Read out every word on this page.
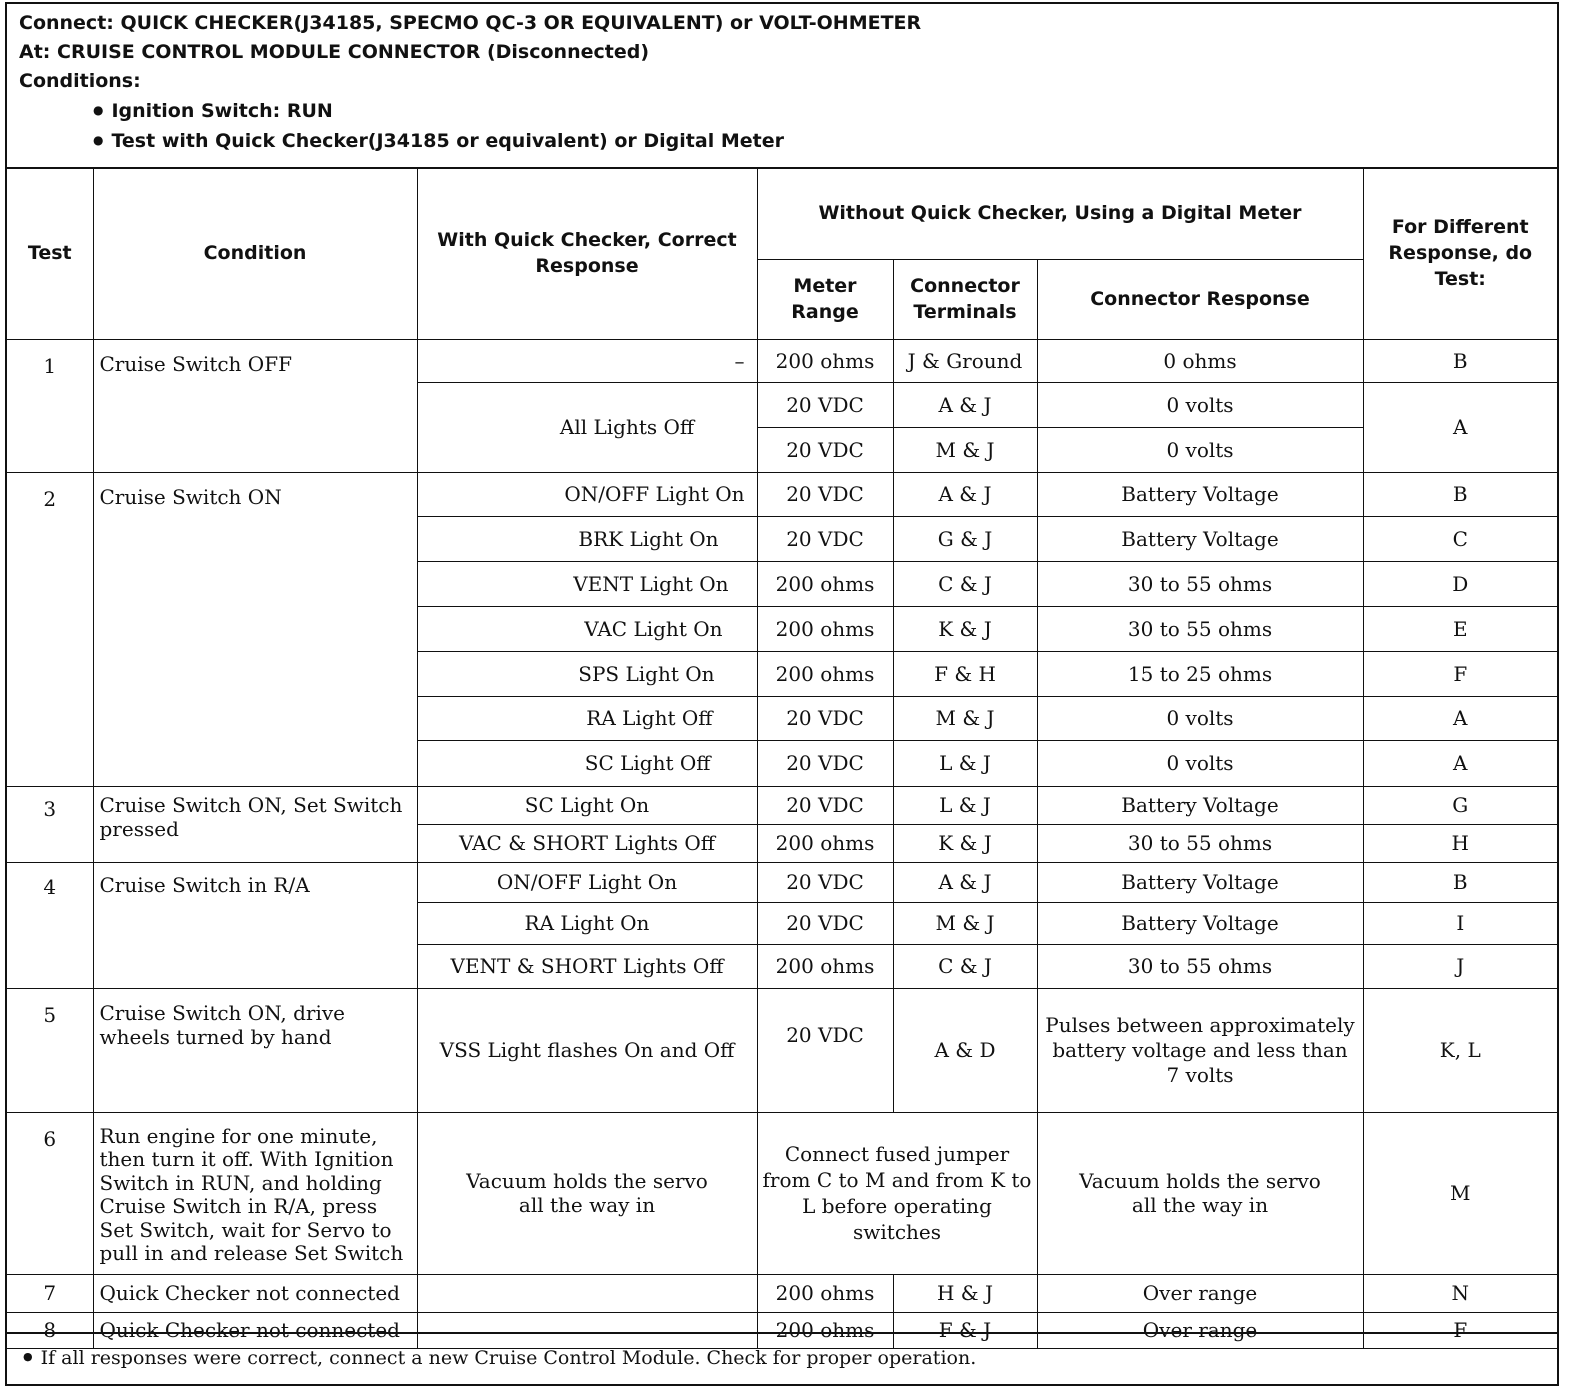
Connect: QUICK CHECKER(J34185, SPECMO QC-3 OR EQUIVALENT) or VOLT-OHMETER
At: CRUISE CONTROL MODULE CONNECTOR (Disconnected)
Conditions:
● Ignition Switch: RUN
● Test with Quick Checker(J34185 or equivalent) or Digital Meter
Test	Condition	With Quick Checker, Correct Response	Without Quick Checker, Using a Digital Meter			For Different Response, do Test:
			Meter Range	Connector Terminals	Connector Response	
1	Cruise Switch OFF	–	200 ohms	J & Ground	0 ohms	B
		All Lights Off	20 VDC	A & J	0 volts	A
			20 VDC	M & J	0 volts	
2	Cruise Switch ON	ON/OFF Light On	20 VDC	A & J	Battery Voltage	B
		BRK Light On	20 VDC	G & J	Battery Voltage	C
		VENT Light On	200 ohms	C & J	30 to 55 ohms	D
		VAC Light On	200 ohms	K & J	30 to 55 ohms	E
		SPS Light On	200 ohms	F & H	15 to 25 ohms	F
		RA Light Off	20 VDC	M & J	0 volts	A
		SC Light Off	20 VDC	L & J	0 volts	A
3	Cruise Switch ON, Set Switch pressed	SC Light On	20 VDC	L & J	Battery Voltage	G
		VAC & SHORT Lights Off	200 ohms	K & J	30 to 55 ohms	H
4	Cruise Switch in R/A	ON/OFF Light On	20 VDC	A & J	Battery Voltage	B
		RA Light On	20 VDC	M & J	Battery Voltage	I
		VENT & SHORT Lights Off	200 ohms	C & J	30 to 55 ohms	J
5	Cruise Switch ON, drive wheels turned by hand	VSS Light flashes On and Off	20 VDC	A & D	Pulses between approximately battery voltage and less than 7 volts	K, L
6	Run engine for one minute, then turn it off. With Ignition Switch in RUN, and holding Cruise Switch in R/A, press Set Switch, wait for Servo to pull in and release Set Switch	Vacuum holds the servo all the way in	Connect fused jumper from C to M and from K to L before operating switches		Vacuum holds the servo all the way in	M
7	Quick Checker not connected		200 ohms	H & J	Over range	N
8	Quick Checker not connected		200 ohms	F & J	Over range	F
● If all responses were correct, connect a new Cruise Control Module. Check for proper operation.
